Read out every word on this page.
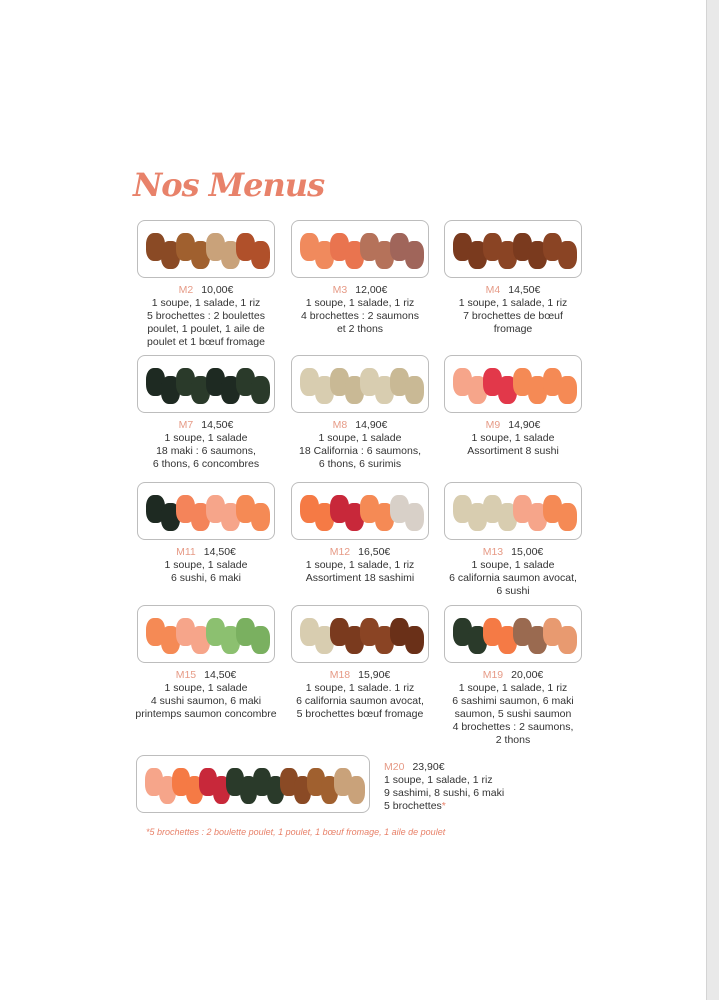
Nos Menus
M2 10,00€
1 soupe, 1 salade, 1 riz
5 brochettes : 2 boulettes
poulet, 1 poulet, 1 aile de
poulet et 1 bœuf fromage
M3 12,00€
1 soupe, 1 salade, 1 riz
4 brochettes : 2 saumons
et 2 thons
M4 14,50€
1 soupe, 1 salade, 1 riz
7 brochettes de bœuf
fromage
M7 14,50€
1 soupe, 1 salade
18 maki : 6 saumons,
6 thons, 6 concombres
M8 14,90€
1 soupe, 1 salade
18 California : 6 saumons,
6 thons, 6 surimis
M9 14,90€
1 soupe, 1 salade
Assortiment 8 sushi
M11 14,50€
1 soupe, 1 salade
6 sushi, 6 maki
M12 16,50€
1 soupe, 1 salade, 1 riz
Assortiment 18 sashimi
M13 15,00€
1 soupe, 1 salade
6 california saumon avocat,
6 sushi
M15 14,50€
1 soupe, 1 salade
4 sushi saumon, 6 maki
printemps saumon concombre
M18 15,90€
1 soupe, 1 salade. 1 riz
6 california saumon avocat,
5 brochettes bœuf fromage
M19 20,00€
1 soupe, 1 salade, 1 riz
6 sashimi saumon, 6 maki
saumon, 5 sushi saumon
4 brochettes : 2 saumons,
2 thons
M20 23,90€
1 soupe, 1 salade, 1 riz
9 sashimi, 8 sushi, 6 maki
5 brochettes*
*5 brochettes : 2 boulette poulet, 1 poulet, 1 bœuf fromage, 1 aile de poulet
